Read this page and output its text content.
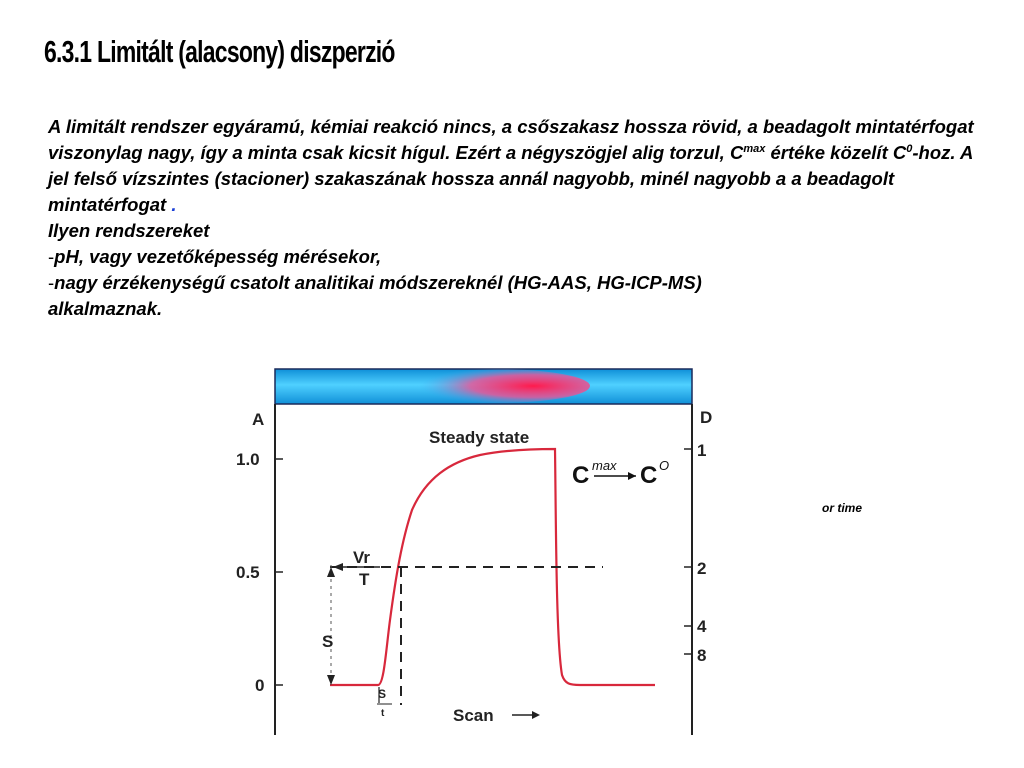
6.3.1 Limitált (alacsony) diszperzió

A limitált rendszer egyáramú, kémiai reakció nincs, a csőszakasz hossza rövid, a beadagolt mintatérfogat viszonylag nagy, így a minta csak kicsit hígul. Ezért a négyszögjel alig torzul, $C^{max}$ értéke közelít $C^0$-hoz. A jel felső vízszintes (stacioner) szakaszának hossza annál nagyobb, minél nagyobb a a beadagolt mintatérfogat .

Ilyen rendszereket

-pH, vagy vezetőképesség mérésekor,

-nagy érzékenységű csatolt analitikai módszereknél (HG-AAS, HG-ICP-MS)

alkalmaznak.

or time
A	D
1.0
0.5
0
1
2
4
8
Steady state
C max C O
Vr
T
S
S
t	Scan
